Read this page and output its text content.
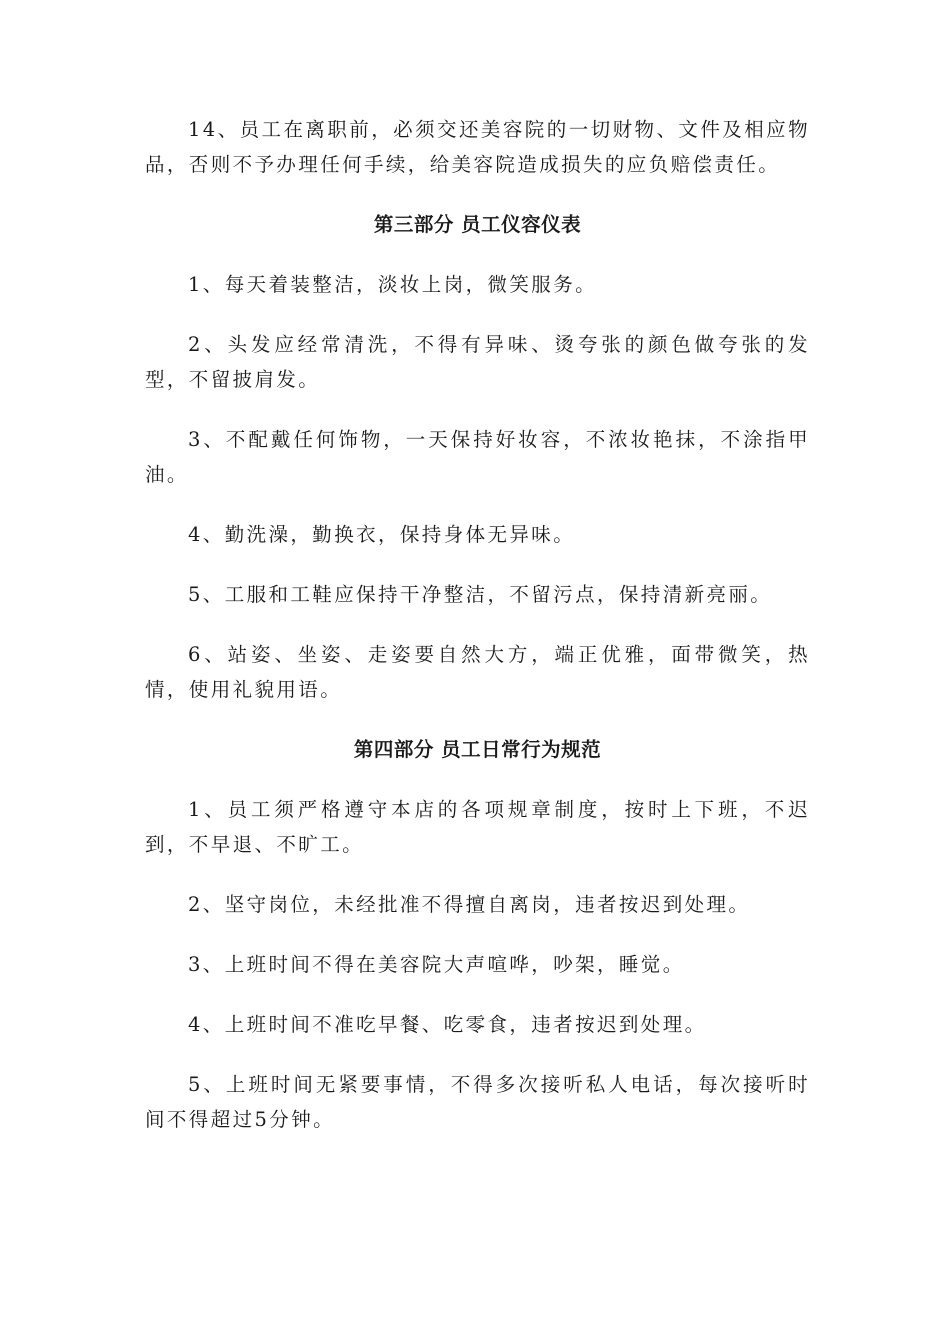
14、员工在离职前，必须交还美容院的一切财物、文件及相应物品，否则不予办理任何手续，给美容院造成损失的应负赔偿责任。

第三部分 员工仪容仪表

1、每天着装整洁，淡妆上岗，微笑服务。

2、头发应经常清洗，不得有异味、烫夸张的颜色做夸张的发型，不留披肩发。

3、不配戴任何饰物，一天保持好妆容，不浓妆艳抹，不涂指甲油。

4、勤洗澡，勤换衣，保持身体无异味。

5、工服和工鞋应保持干净整洁，不留污点，保持清新亮丽。

6、站姿、坐姿、走姿要自然大方，端正优雅，面带微笑，热情，使用礼貌用语。

第四部分 员工日常行为规范

1、员工须严格遵守本店的各项规章制度，按时上下班，不迟到，不早退、不旷工。

2、坚守岗位，未经批准不得擅自离岗，违者按迟到处理。

3、上班时间不得在美容院大声喧哗，吵架，睡觉。

4、上班时间不准吃早餐、吃零食，违者按迟到处理。

5、上班时间无紧要事情，不得多次接听私人电话，每次接听时间不得超过5分钟。
